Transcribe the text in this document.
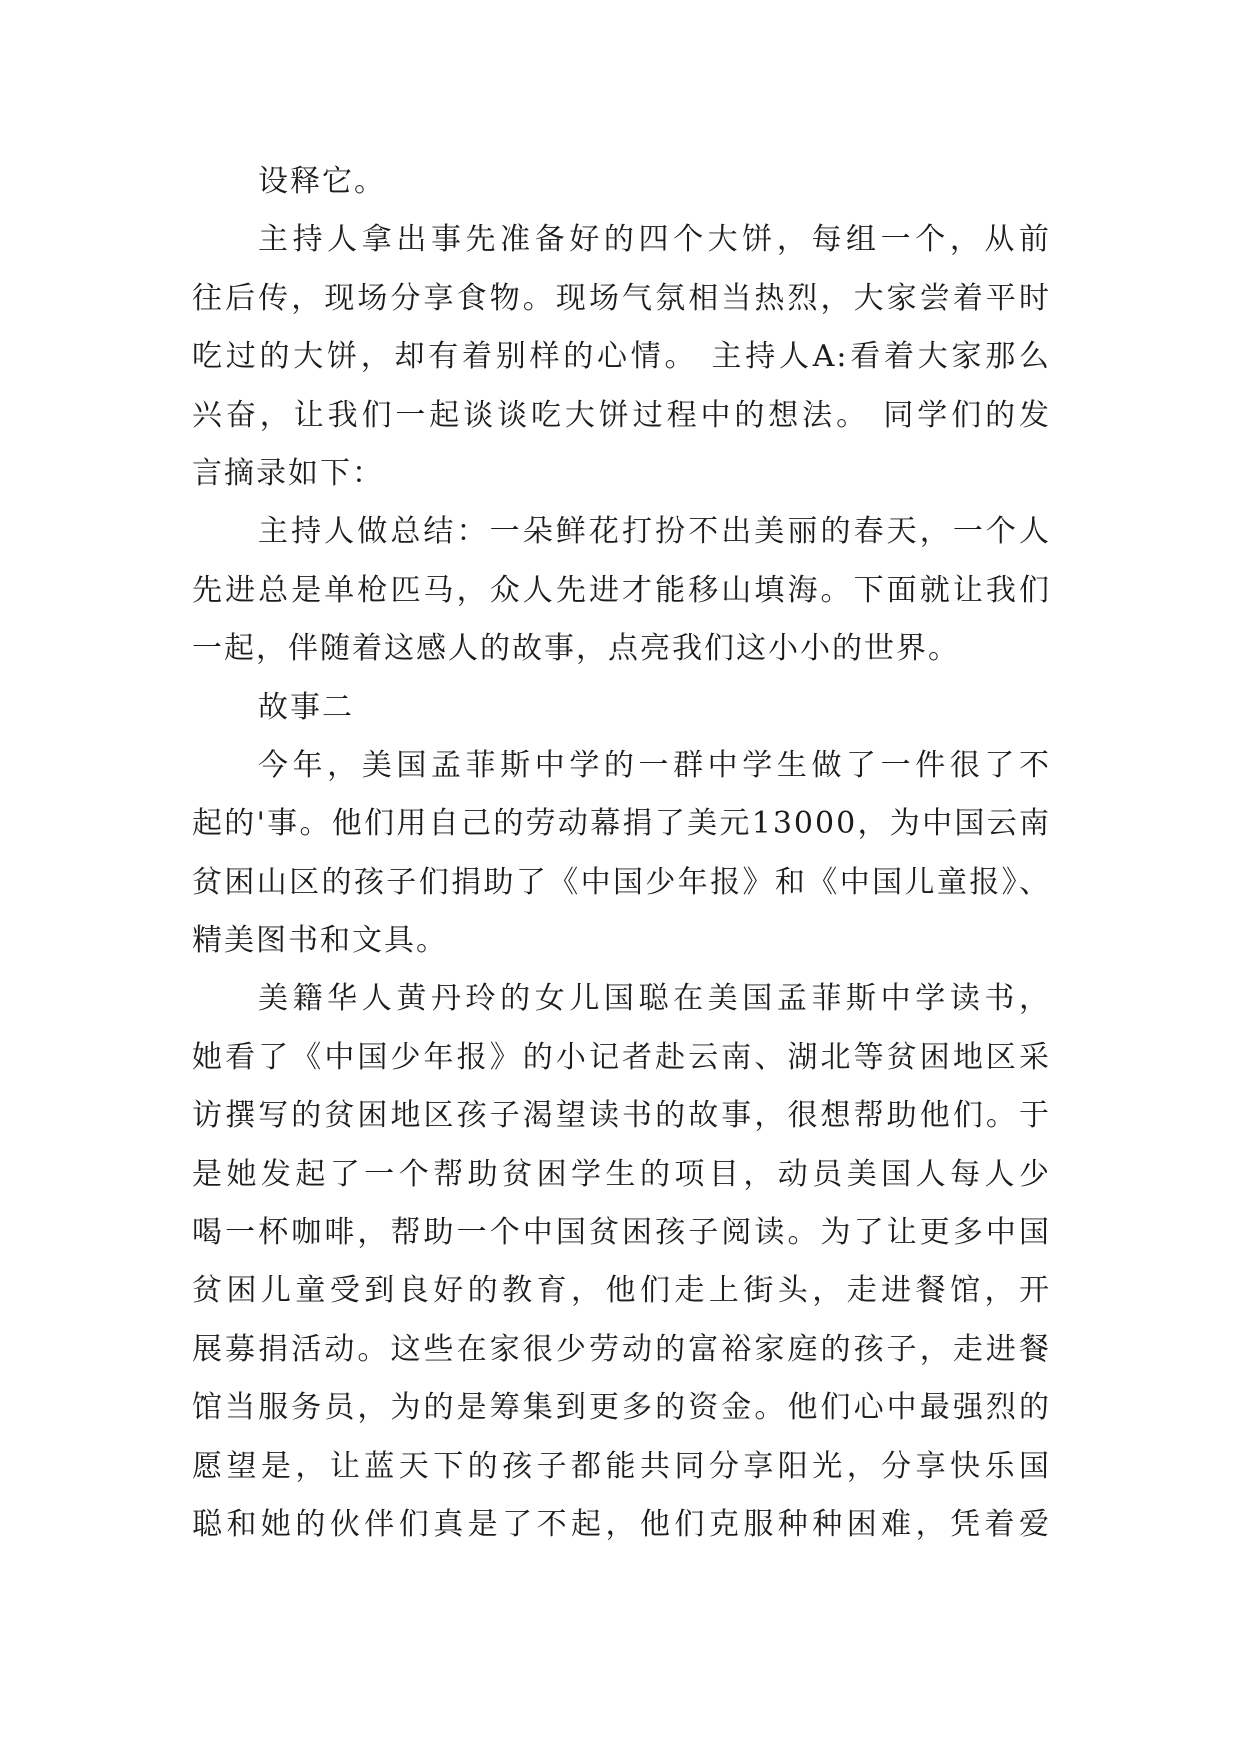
设释它。
主持人拿出事先准备好的四个大饼，每组一个，从前
往后传，现场分享食物。现场气氛相当热烈，大家尝着平时
吃过的大饼，却有着别样的心情。 主持人A:看着大家那么
兴奋，让我们一起谈谈吃大饼过程中的想法。 同学们的发
言摘录如下：
主持人做总结：一朵鲜花打扮不出美丽的春天，一个人
先进总是单枪匹马，众人先进才能移山填海。下面就让我们
一起，伴随着这感人的故事，点亮我们这小小的世界。
故事二
今年，美国孟菲斯中学的一群中学生做了一件很了不
起的'事。他们用自己的劳动幕捐了美元13000，为中国云南
贫困山区的孩子们捐助了《中国少年报》和《中国儿童报》、
精美图书和文具。
美籍华人黄丹玲的女儿国聪在美国孟菲斯中学读书，
她看了《中国少年报》的小记者赴云南、湖北等贫困地区采
访撰写的贫困地区孩子渴望读书的故事，很想帮助他们。于
是她发起了一个帮助贫困学生的项目，动员美国人每人少
喝一杯咖啡，帮助一个中国贫困孩子阅读。为了让更多中国
贫困儿童受到良好的教育，他们走上街头，走进餐馆，开
展募捐活动。这些在家很少劳动的富裕家庭的孩子，走进餐
馆当服务员，为的是筹集到更多的资金。他们心中最强烈的
愿望是，让蓝天下的孩子都能共同分享阳光，分享快乐国
聪和她的伙伴们真是了不起，他们克服种种困难，凭着爱
